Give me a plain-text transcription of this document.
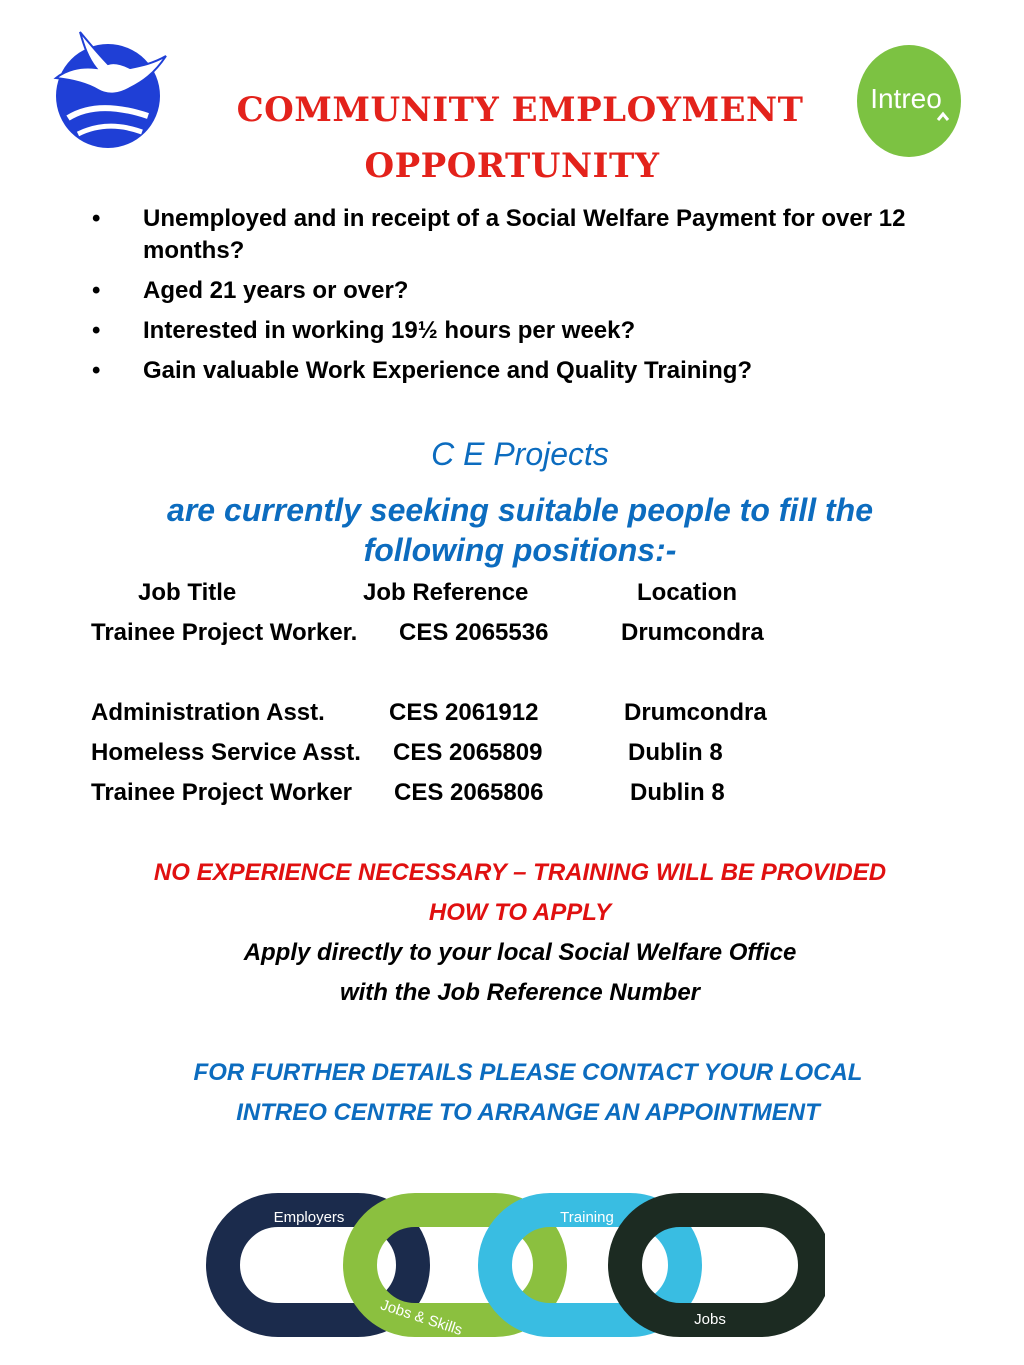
Intreo
COMMUNITY EMPLOYMENT
OPPORTUNITY
• Unemployed and in receipt of a Social Welfare Payment for over 12 months?
• Aged 21 years or over?
• Interested in working 19½ hours per week?
• Gain valuable Work Experience and Quality Training?
C E Projects
are currently seeking suitable people to fill the following positions:-
Job Title	Job Reference	Location
Trainee Project Worker. CES 2065536	Drumcondra
Administration Asst.	CES 2061912	Drumcondra
Homeless Service Asst. CES 2065809	Dublin 8
Trainee Project Worker CES 2065806	Dublin 8
NO EXPERIENCE NECESSARY – TRAINING WILL BE PROVIDED
HOW TO APPLY
Apply directly to your local Social Welfare Office
with the Job Reference Number
FOR FURTHER DETAILS PLEASE CONTACT YOUR LOCAL
INTREO CENTRE TO ARRANGE AN APPOINTMENT
Employers
Jobs & Skills
Training
Jobs
